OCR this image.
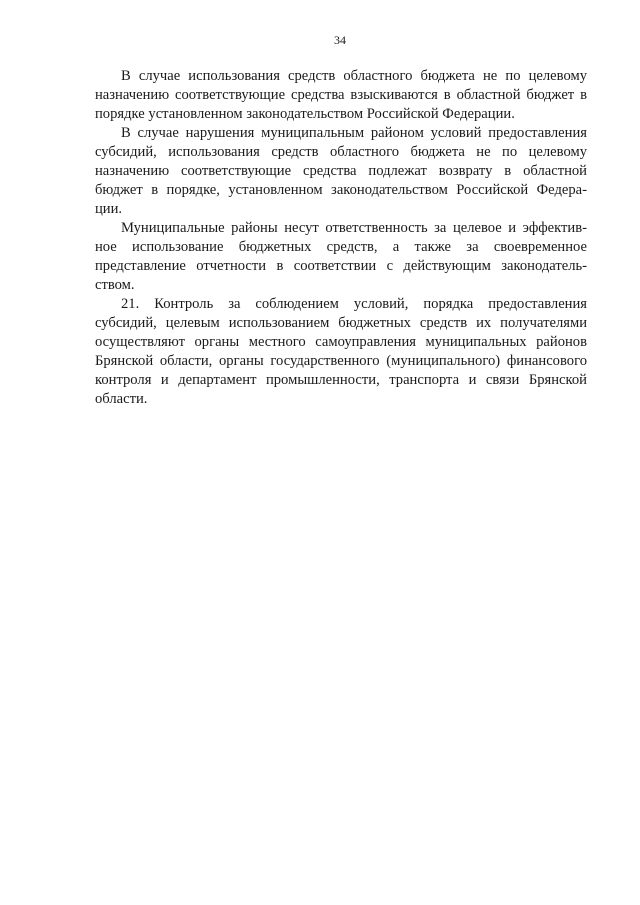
34
В случае использования средств областного бюджета не по целевому
назначению соответствующие средства взыскиваются в областной бюджет в
порядке установленном законодательством Российской Федерации.
В случае нарушения муниципальным районом условий предоставления
субсидий, использования средств областного бюджета не по целевому
назначению соответствующие средства подлежат возврату в областной
бюджет в порядке, установленном законодательством Российской Федера-
ции.
Муниципальные районы несут ответственность за целевое и эффектив-
ное использование бюджетных средств, а также за своевременное
представление отчетности в соответствии с действующим законодатель-
ством.
21. Контроль за соблюдением условий, порядка предоставления
субсидий, целевым использованием бюджетных средств их получателями
осуществляют органы местного самоуправления муниципальных районов
Брянской области, органы государственного (муниципального) финансового
контроля и департамент промышленности, транспорта и связи Брянской
области.
